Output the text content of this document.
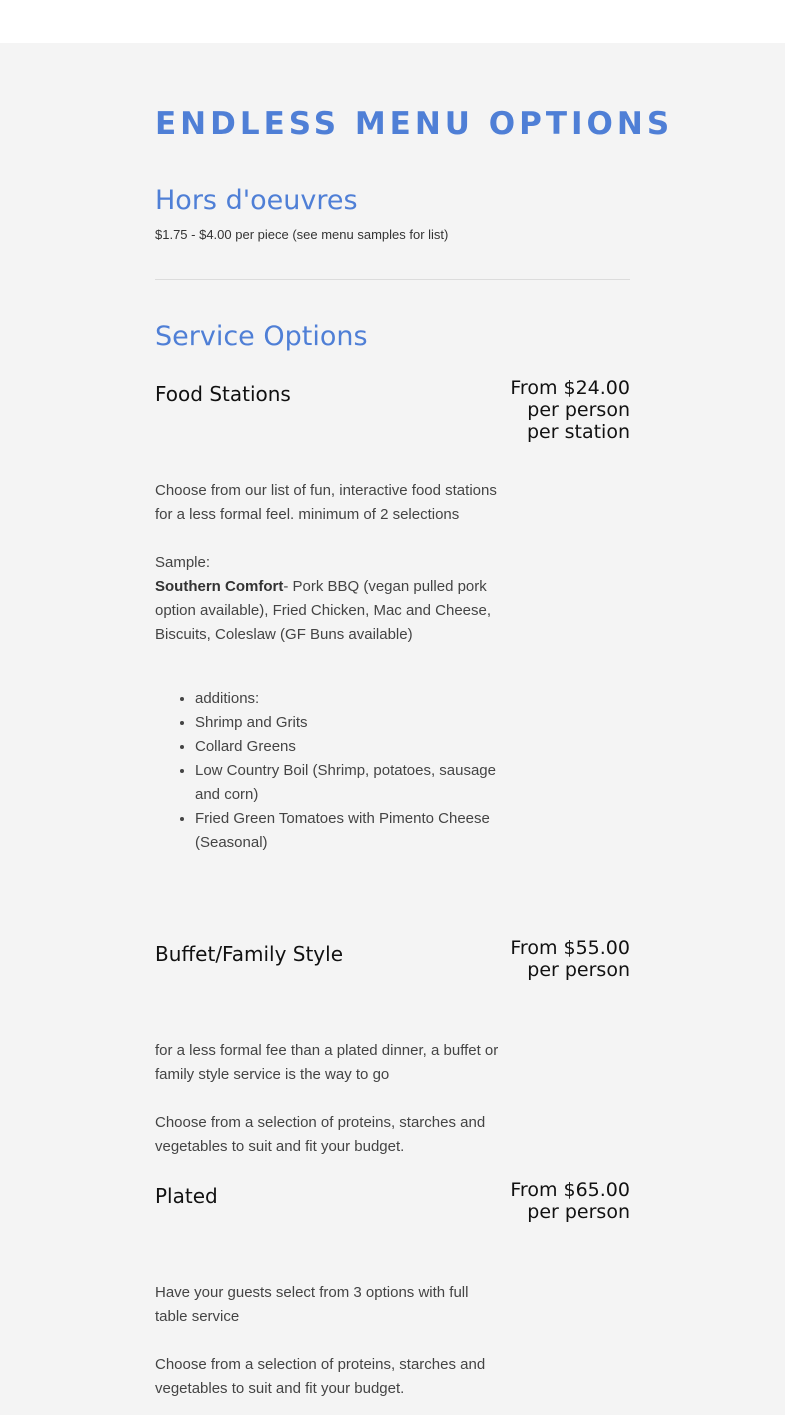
ENDLESS MENU OPTIONS
Hors d'oeuvres
$1.75 - $4.00 per piece (see menu samples for list)
Service Options
Food Stations	From $24.00 per person per station

Choose from our list of fun, interactive food stations for a less formal feel. minimum of 2 selections

Sample:
Southern Comfort- Pork BBQ (vegan pulled pork option available), Fried Chicken, Mac and Cheese, Biscuits, Coleslaw (GF Buns available)

• additions:
• Shrimp and Grits
• Collard Greens
• Low Country Boil (Shrimp, potatoes, sausage and corn)
• Fried Green Tomatoes with Pimento Cheese (Seasonal)
Buffet/Family Style	From $55.00 per person

for a less formal fee than a plated dinner, a buffet or family style service is the way to go

Choose from a selection of proteins, starches and vegetables to suit and fit your budget.

Plated	From $65.00 per person

Have your guests select from 3 options with full table service

Choose from a selection of proteins, starches and vegetables to suit and fit your budget.
